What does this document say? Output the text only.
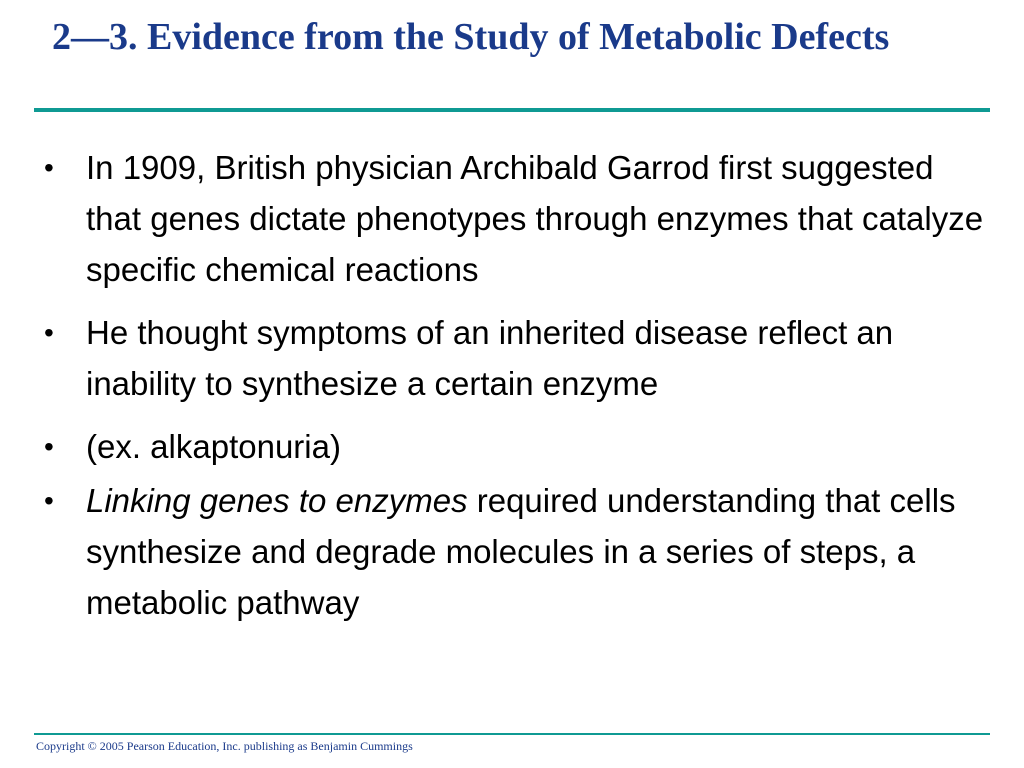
2—3. Evidence from the Study of Metabolic Defects
• In 1909, British physician Archibald Garrod first suggested that genes dictate phenotypes through enzymes that catalyze specific chemical reactions
• He thought symptoms of an inherited disease reflect an inability to synthesize a certain enzyme
• (ex. alkaptonuria)
• Linking genes to enzymes required understanding that cells synthesize and degrade molecules in a series of steps, a metabolic pathway
Copyright © 2005 Pearson Education, Inc. publishing as Benjamin Cummings
